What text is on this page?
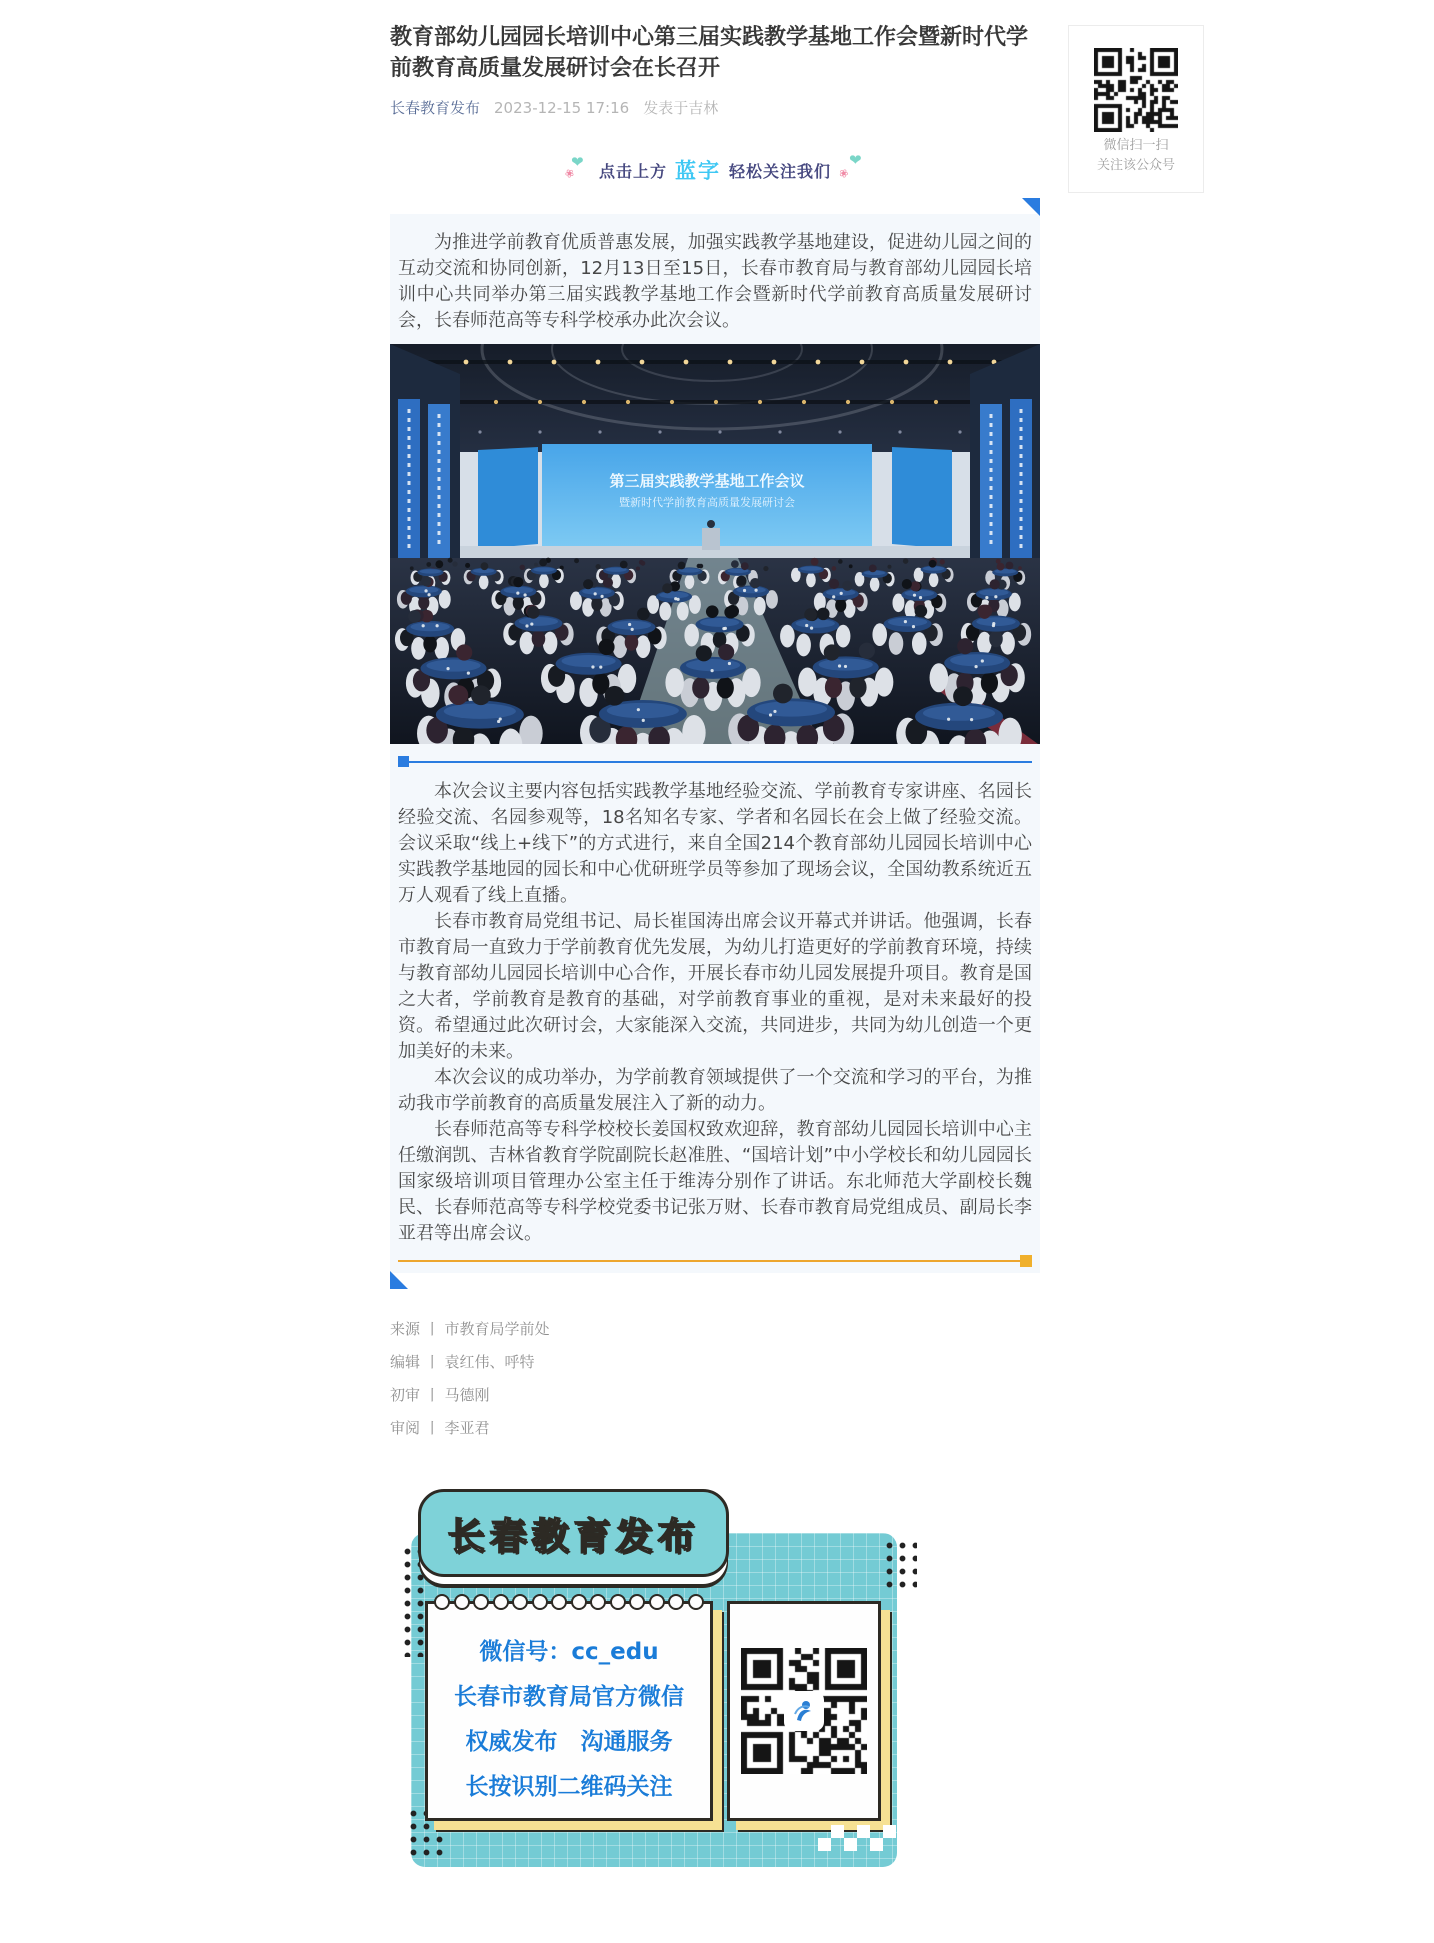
微信扫一扫
关注该公众号
教育部幼儿园园长培训中心第三届实践教学基地工作会暨新时代学前教育高质量发展研讨会在长召开
长春教育发布 2023-12-15 17:16 发表于吉林
❤
❀ 点击上方 蓝字 轻松关注我们 ❀
❤

为推进学前教育优质普惠发展，加强实践教学基地建设，促进幼儿园之间的互动交流和协同创新，12月13日至15日，长春市教育局与教育部幼儿园园长培训中心共同举办第三届实践教学基地工作会暨新时代学前教育高质量发展研讨会，长春师范高等专科学校承办此次会议。

第三届实践教学基地工作会议
暨新时代学前教育高质量发展研讨会

本次会议主要内容包括实践教学基地经验交流、学前教育专家讲座、名园长经验交流、名园参观等，18名知名专家、学者和名园长在会上做了经验交流。会议采取“线上+线下”的方式进行，来自全国214个教育部幼儿园园长培训中心实践教学基地园的园长和中心优研班学员等参加了现场会议，全国幼教系统近五万人观看了线上直播。

长春市教育局党组书记、局长崔国涛出席会议开幕式并讲话。他强调，长春市教育局一直致力于学前教育优先发展，为幼儿打造更好的学前教育环境，持续与教育部幼儿园园长培训中心合作，开展长春市幼儿园发展提升项目。教育是国之大者，学前教育是教育的基础，对学前教育事业的重视，是对未来最好的投资。希望通过此次研讨会，大家能深入交流，共同进步，共同为幼儿创造一个更加美好的未来。

本次会议的成功举办，为学前教育领域提供了一个交流和学习的平台，为推动我市学前教育的高质量发展注入了新的动力。

长春师范高等专科学校校长姜国权致欢迎辞，教育部幼儿园园长培训中心主任缴润凯、吉林省教育学院副院长赵准胜、“国培计划”中小学校长和幼儿园园长国家级培训项目管理办公室主任于维涛分别作了讲话。东北师范大学副校长魏民、长春师范高等专科学校党委书记张万财、长春市教育局党组成员、副局长李亚君等出席会议。

来源 丨 市教育局学前处
编辑 丨 袁红伟、呼特
初审 丨 马德刚
审阅 丨 李亚君
长春教育发布
微信号：cc_edu
长春市教育局官方微信
权威发布　沟通服务
长按识别二维码关注
